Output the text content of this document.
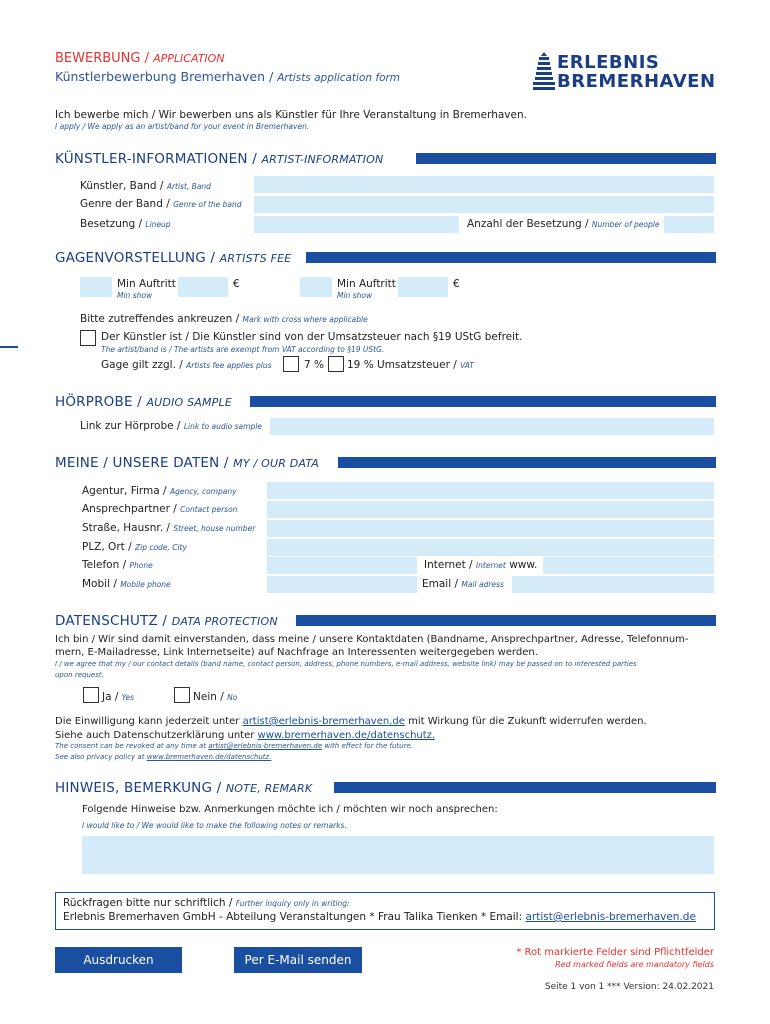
BEWERBUNG / APPLICATION
Künstlerbewerbung Bremerhaven / Artists application form
ERLEBNIS
BREMERHAVEN
Ich bewerbe mich / Wir bewerben uns als Künstler für Ihre Veranstaltung in Bremerhaven.
I apply / We apply as an artist/band for your event in Bremerhaven.
KÜNSTLER-INFORMATIONEN / ARTIST-INFORMATION
Künstler, Band / Artist, Band
Genre der Band / Genre of the band
Besetzung / Lineup	Anzahl der Besetzung / Number of people
GAGENVORSTELLUNG / ARTISTS FEE
Min Auftritt
Min show
€	Min Auftritt
Min show
€
Bitte zutreffendes ankreuzen / Mark with cross where applicable
Der Künstler ist / Die Künstler sind von der Umsatzsteuer nach §19 UStG befreit.
The artist/band is / The artists are exempt from VAT according to §19 UStG.
Gage gilt zzgl. / Artists fee applies plus	7 % 19 % Umsatzsteuer / VAT
HÖRPROBE / AUDIO SAMPLE
Link zur Hörprobe / Link to audio sample
MEINE / UNSERE DATEN / MY / OUR DATA
Agentur, Firma / Agency, company
Ansprechpartner / Contact person
Straße, Hausnr. / Street, house number
PLZ, Ort / Zip code, City
Telefon / Phone	Internet / Internet www.
Mobil / Mobile phone	Email / Mail adress
DATENSCHUTZ / DATA PROTECTION
Ich bin / Wir sind damit einverstanden, dass meine / unsere Kontaktdaten (Bandname, Ansprechpartner, Adresse, Telefonnum-
mern, E-Mailadresse, Link Internetseite) auf Nachfrage an Interessenten weitergegeben werden.
I / we agree that my / our contact details (band name, contact person, address, phone numbers, e-mail address, website link) may be passed on to interested parties
upon request.
Ja / Yes	Nein / No
Die Einwilligung kann jederzeit unter artist@erlebnis-bremerhaven.de mit Wirkung für die Zukunft widerrufen werden.
Siehe auch Datenschutzerklärung unter www.bremerhaven.de/datenschutz.
The consent can be revoked at any time at artist@erlebnis-bremerhaven.de with effect for the future.
See also privacy policy at www.bremerhaven.de/datenschutz.
HINWEIS, BEMERKUNG / NOTE, REMARK
Folgende Hinweise bzw. Anmerkungen möchte ich / möchten wir noch ansprechen:
I would like to / We would like to make the following notes or remarks.
Rückfragen bitte nur schriftlich / Further inquiry only in writing:
Erlebnis Bremerhaven GmbH - Abteilung Veranstaltungen * Frau Talika Tienken * Email: artist@erlebnis-bremerhaven.de
Ausdrucken	Per E-Mail senden
* Rot markierte Felder sind Pflichtfelder
Red marked fields are mandatory fields
Seite 1 von 1 *** Version: 24.02.2021
